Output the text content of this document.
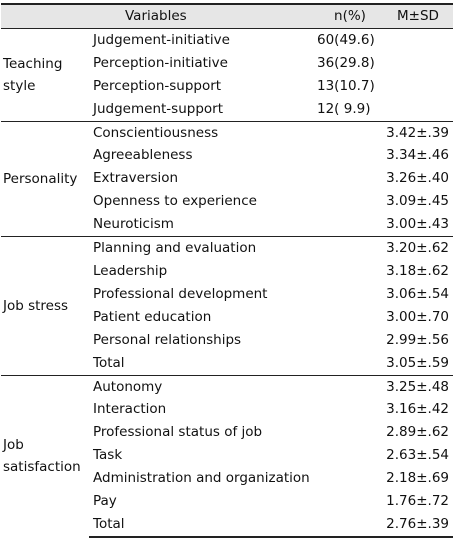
	Variables	n(%)	M±SD

Teaching
style	Judgement-initiative	60(49.6)	
	Perception-initiative	36(29.8)	
	Perception-support	13(10.7)	
	Judgement-support	12( 9.9)	

Personality	Conscientiousness		3.42±.39
	Agreeableness		3.34±.46
	Extraversion		3.26±.40
	Openness to experience		3.09±.45
	Neuroticism		3.00±.43

Job stress	Planning and evaluation		3.20±.62
	Leadership		3.18±.62
	Professional development		3.06±.54
	Patient education		3.00±.70
	Personal relationships		2.99±.56
	Total		3.05±.59

Job
satisfaction	Autonomy		3.25±.48
	Interaction		3.16±.42
	Professional status of job		2.89±.62
	Task		2.63±.54
	Administration and organization		2.18±.69
	Pay		1.76±.72
	Total		2.76±.39
